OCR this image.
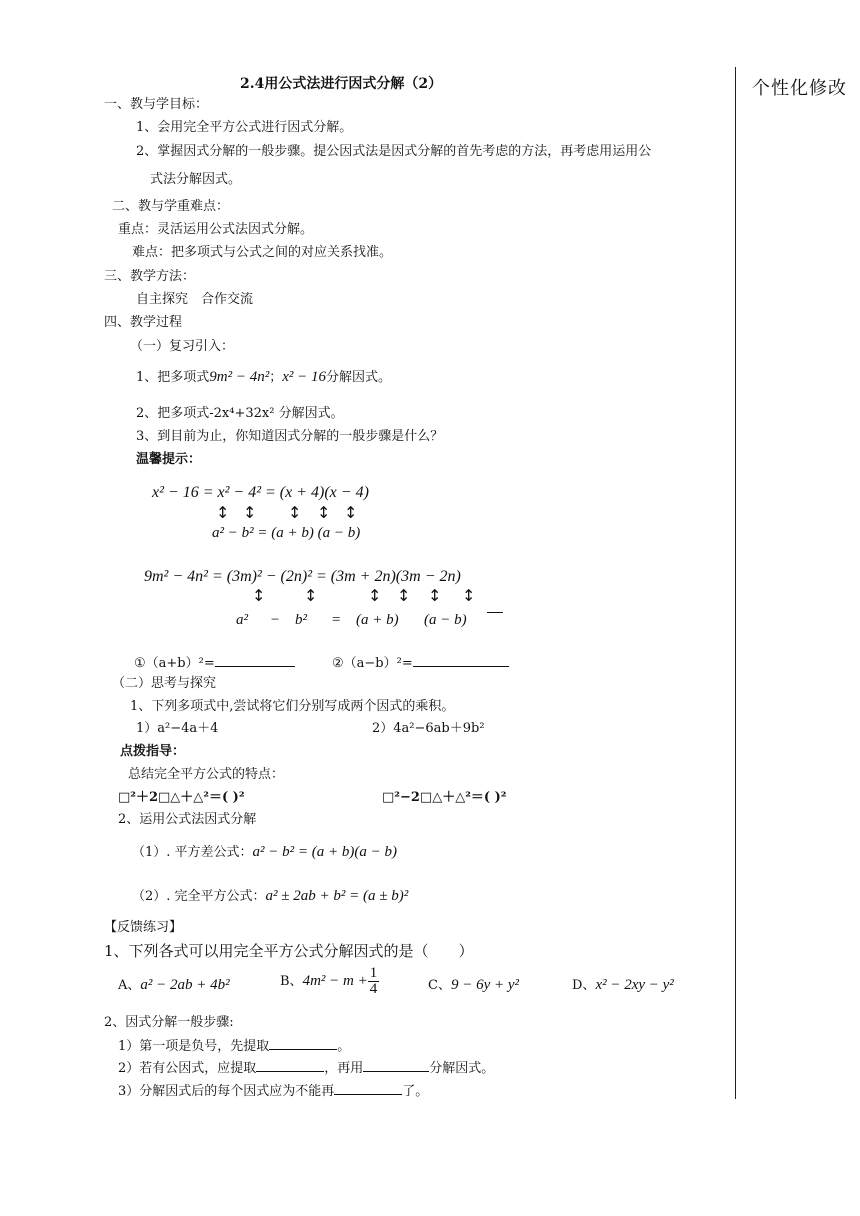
个性化修改
2.4用公式法进行因式分解（2）
一、教与学目标：
1、会用完全平方公式进行因式分解。
2、掌握因式分解的一般步骤。提公因式法是因式分解的首先考虑的方法，再考虑用运用公
式法分解因式。
二、教与学重难点：
重点：灵活运用公式法因式分解。
难点：把多项式与公式之间的对应关系找准。
三、教学方法：
自主探究　合作交流
四、教学过程
（一）复习引入：
1、把多项式9m² − 4n²；x² − 16分解因式。
2、把多项式-2x⁴+32x² 分解因式。
3、到目前为止，你知道因式分解的一般步骤是什么？
温馨提示：
x² − 16 = x² − 4² = (x + 4)(x − 4)
↕ ↕ ↕ ↕ ↕
a² − b² = (a + b) (a − b)
9m² − 4n² = (3m)² − (2n)² = (3m + 2n)(3m − 2n)
↕ ↕	↕ ↕ ↕ ↕
a² − b² = (a + b) (a − b)
①（a+b）²=	②（a−b）²=
（二）思考与探究
1、下列多项式中,尝试将它们分别写成两个因式的乘积。
1）a²−4a＋4	2）4a²−6ab＋9b²
点拨指导：
总结完全平方公式的特点：
□²＋2□△＋△²＝( )²	□²−2□△＋△²＝( )²
2、运用公式法因式分解
（1）. 平方差公式：a² − b² = (a + b)(a − b)
（2）. 完全平方公式：a² ± 2ab + b² = (a ± b)²
【反馈练习】
1、下列各式可以用完全平方公式分解因式的是（　　）
A、a² − 2ab + 4b²	B、$4m^2 - m + \frac{1}{4}$	C、9 − 6y + y²	D、x² − 2xy − y²
2、因式分解一般步骤:
1）第一项是负号，先提取	。
2）若有公因式，应提取	，再用	分解因式。
3）分解因式后的每个因式应为不能再	了。
